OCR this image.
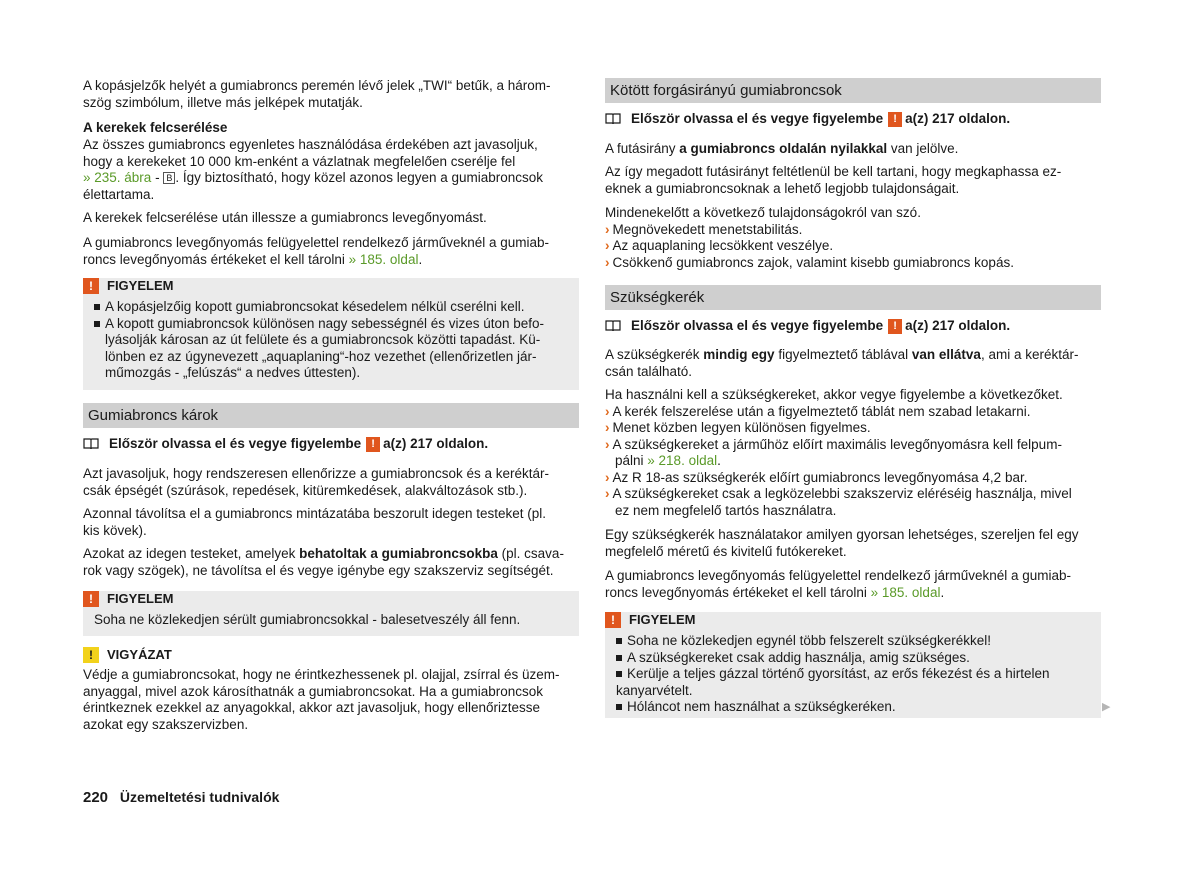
A kopásjelzők helyét a gumiabroncs peremén lévő jelek „TWI“ betűk, a három-
szög szimbólum, illetve más jelképek mutatják.
A kerekek felcserélése
Az összes gumiabroncs egyenletes használódása érdekében azt javasoljuk,
hogy a kerekeket 10 000 km-enként a vázlatnak megfelelően cserélje fel
» 235. ábra - B . Így biztosítható, hogy közel azonos legyen a gumiabroncsok
élettartama.
A kerekek felcserélése után illessze a gumiabroncs levegőnyomást.
A gumiabroncs levegőnyomás felügyelettel rendelkező járműveknél a gumiab-
roncs levegőnyomás értékeket el kell tárolni » 185. oldal.
!	FIGYELEM
A kopásjelzőig kopott gumiabroncsokat késedelem nélkül cserélni kell.
A kopott gumiabroncsok különösen nagy sebességnél és vizes úton befo-
lyásolják károsan az út felülete és a gumiabroncsok közötti tapadást. Kü-
lönben ez az úgynevezett „aquaplaning“-hoz vezethet (ellenőrizetlen jár-
műmozgás - „felúszás“ a nedves úttesten).
Gumiabroncs károk
Először olvassa el és vegye figyelembe ! a(z) 217 oldalon.
Azt javasoljuk, hogy rendszeresen ellenőrizze a gumiabroncsok és a keréktár-
csák épségét (szúrások, repedések, kitüremkedések, alakváltozások stb.).
Azonnal távolítsa el a gumiabroncs mintázatába beszorult idegen testeket (pl.
kis kövek).
Azokat az idegen testeket, amelyek behatoltak a gumiabroncsokba (pl. csava-
rok vagy szögek), ne távolítsa el és vegye igénybe egy szakszerviz segítségét.
!	FIGYELEM
Soha ne közlekedjen sérült gumiabroncsokkal - balesetveszély áll fenn.
!	VIGYÁZAT
Védje a gumiabroncsokat, hogy ne érintkezhessenek pl. olajjal, zsírral és üzem-
anyaggal, mivel azok károsíthatnák a gumiabroncsokat. Ha a gumiabroncsok
érintkeznek ezekkel az anyagokkal, akkor azt javasoljuk, hogy ellenőriztesse
azokat egy szakszervizben.
Kötött forgásirányú gumiabroncsok
Először olvassa el és vegye figyelembe ! a(z) 217 oldalon.
A futásirány a gumiabroncs oldalán nyilakkal van jelölve.
Az így megadott futásirányt feltétlenül be kell tartani, hogy megkaphassa ez-
eknek a gumiabroncsoknak a lehető legjobb tulajdonságait.
Mindenekelőtt a következő tulajdonságokról van szó.
› Megnövekedett menetstabilitás.
› Az aquaplaning lecsökkent veszélye.
› Csökkenő gumiabroncs zajok, valamint kisebb gumiabroncs kopás.
Szükségkerék
Először olvassa el és vegye figyelembe ! a(z) 217 oldalon.
A szükségkerék mindig egy figyelmeztető táblával van ellátva, ami a keréktár-
csán található.
Ha használni kell a szükségkereket, akkor vegye figyelembe a következőket.
› A kerék felszerelése után a figyelmeztető táblát nem szabad letakarni.
› Menet közben legyen különösen figyelmes.
› A szükségkereket a járműhöz előírt maximális levegőnyomásra kell felpum-
pálni » 218. oldal.
› Az R 18-as szükségkerék előírt gumiabroncs levegőnyomása 4,2 bar.
› A szükségkereket csak a legközelebbi szakszerviz eléréséig használja, mivel
ez nem megfelelő tartós használatra.
Egy szükségkerék használatakor amilyen gyorsan lehetséges, szereljen fel egy
megfelelő méretű és kivitelű futókereket.
A gumiabroncs levegőnyomás felügyelettel rendelkező járműveknél a gumiab-
roncs levegőnyomás értékeket el kell tárolni » 185. oldal.
!	FIGYELEM
Soha ne közlekedjen egynél több felszerelt szükségkerékkel!
A szükségkereket csak addig használja, amig szükséges.
Kerülje a teljes gázzal történő gyorsítást, az erős fékezést és a hirtelen
kanyarvételt.
Hóláncot nem használhat a szükségkeréken.	▶
220 Üzemeltetési tudnivalók
